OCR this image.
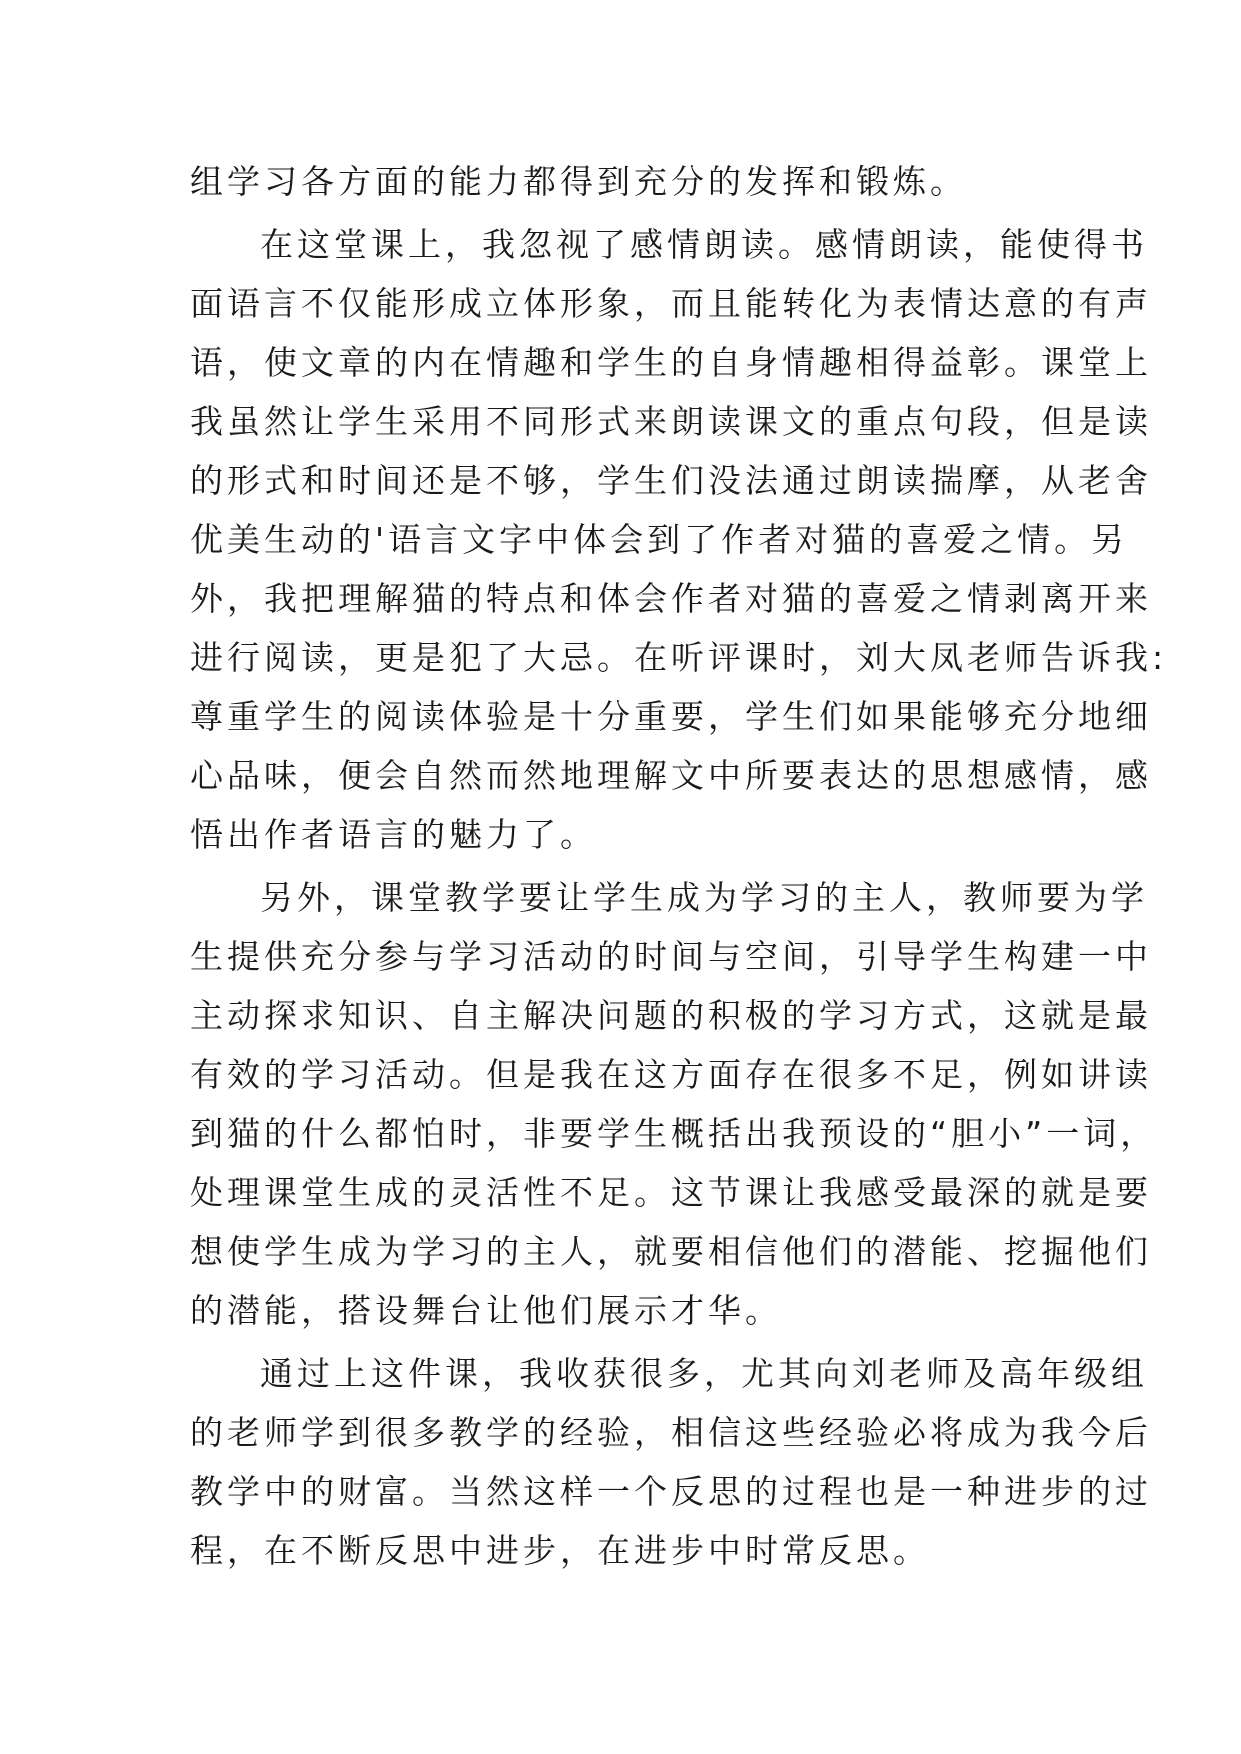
组学习各方面的能力都得到充分的发挥和锻炼。
在这堂课上，我忽视了感情朗读。感情朗读，能使得书
面语言不仅能形成立体形象，而且能转化为表情达意的有声
语，使文章的内在情趣和学生的自身情趣相得益彰。课堂上
我虽然让学生采用不同形式来朗读课文的重点句段，但是读
的形式和时间还是不够，学生们没法通过朗读揣摩，从老舍
优美生动的'语言文字中体会到了作者对猫的喜爱之情。另
外，我把理解猫的特点和体会作者对猫的喜爱之情剥离开来
进行阅读，更是犯了大忌。在听评课时，刘大凤老师告诉我:
尊重学生的阅读体验是十分重要，学生们如果能够充分地细
心品味，便会自然而然地理解文中所要表达的思想感情，感
悟出作者语言的魅力了。
另外，课堂教学要让学生成为学习的主人，教师要为学
生提供充分参与学习活动的时间与空间，引导学生构建一中
主动探求知识、自主解决问题的积极的学习方式，这就是最
有效的学习活动。但是我在这方面存在很多不足，例如讲读
到猫的什么都怕时，非要学生概括出我预设的“胆小”一词，
处理课堂生成的灵活性不足。这节课让我感受最深的就是要
想使学生成为学习的主人，就要相信他们的潜能、挖掘他们
的潜能，搭设舞台让他们展示才华。
通过上这件课，我收获很多，尤其向刘老师及高年级组
的老师学到很多教学的经验，相信这些经验必将成为我今后
教学中的财富。当然这样一个反思的过程也是一种进步的过
程，在不断反思中进步，在进步中时常反思。
